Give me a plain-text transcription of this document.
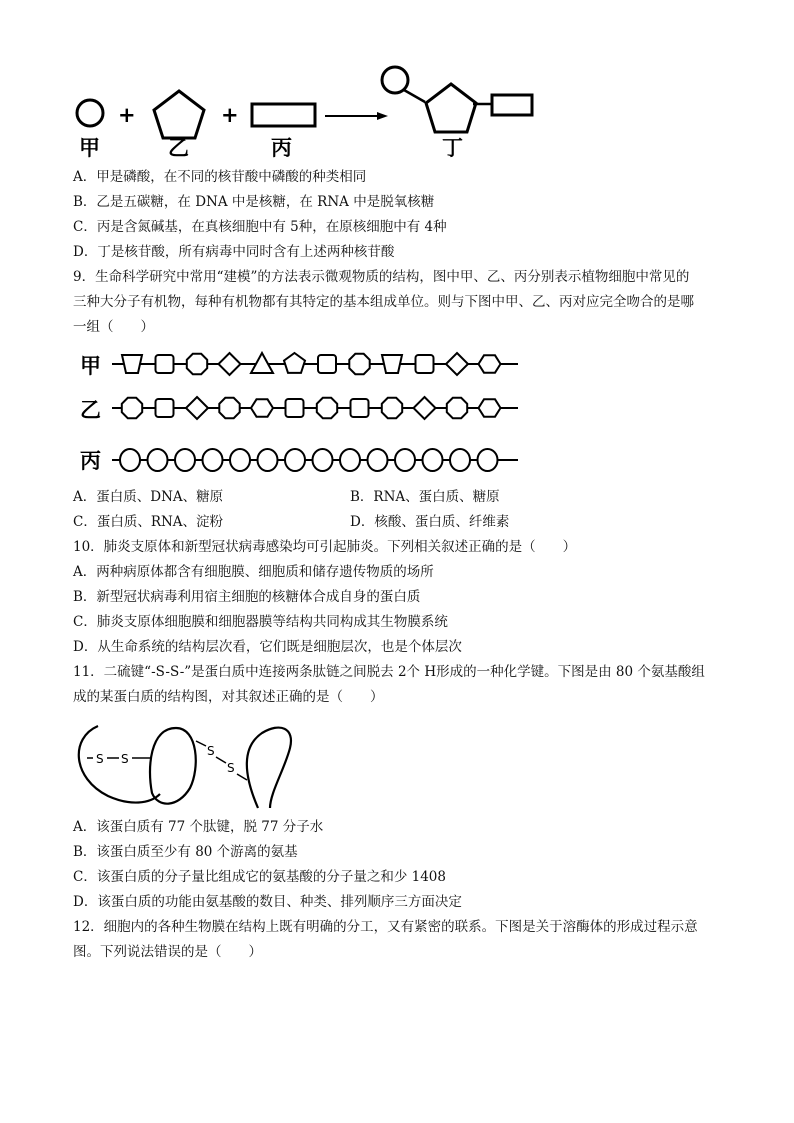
甲
+
乙
+
丙	丁
A．甲是磷酸，在不同的核苷酸中磷酸的种类相同
B．乙是五碳糖，在 DNA 中是核糖，在 RNA 中是脱氧核糖
C．丙是含氮碱基，在真核细胞中有 5种，在原核细胞中有 4种
D．丁是核苷酸，所有病毒中同时含有上述两种核苷酸
9．生命科学研究中常用“建模”的方法表示微观物质的结构，图中甲、乙、丙分别表示植物细胞中常见的
三种大分子有机物，每种有机物都有其特定的基本组成单位。则与下图中甲、乙、丙对应完全吻合的是哪
一组（　　）
甲
乙
丙
A．蛋白质、DNA、糖原	B．RNA、蛋白质、糖原
C．蛋白质、RNA、淀粉	D．核酸、蛋白质、纤维素
10．肺炎支原体和新型冠状病毒感染均可引起肺炎。下列相关叙述正确的是（　　）
A．两种病原体都含有细胞膜、细胞质和储存遗传物质的场所
B．新型冠状病毒利用宿主细胞的核糖体合成自身的蛋白质
C．肺炎支原体细胞膜和细胞器膜等结构共同构成其生物膜系统
D．从生命系统的结构层次看，它们既是细胞层次，也是个体层次
11．二硫键“-S-S-”是蛋白质中连接两条肽链之间脱去 2个 H形成的一种化学键。下图是由 80 个氨基酸组
成的某蛋白质的结构图，对其叙述正确的是（　　）
S S
S
S
A．该蛋白质有 77 个肽键，脱 77 分子水
B．该蛋白质至少有 80 个游离的氨基
C．该蛋白质的分子量比组成它的氨基酸的分子量之和少 1408
D．该蛋白质的功能由氨基酸的数目、种类、排列顺序三方面决定
12．细胞内的各种生物膜在结构上既有明确的分工，又有紧密的联系。下图是关于溶酶体的形成过程示意
图。下列说法错误的是（　　）
